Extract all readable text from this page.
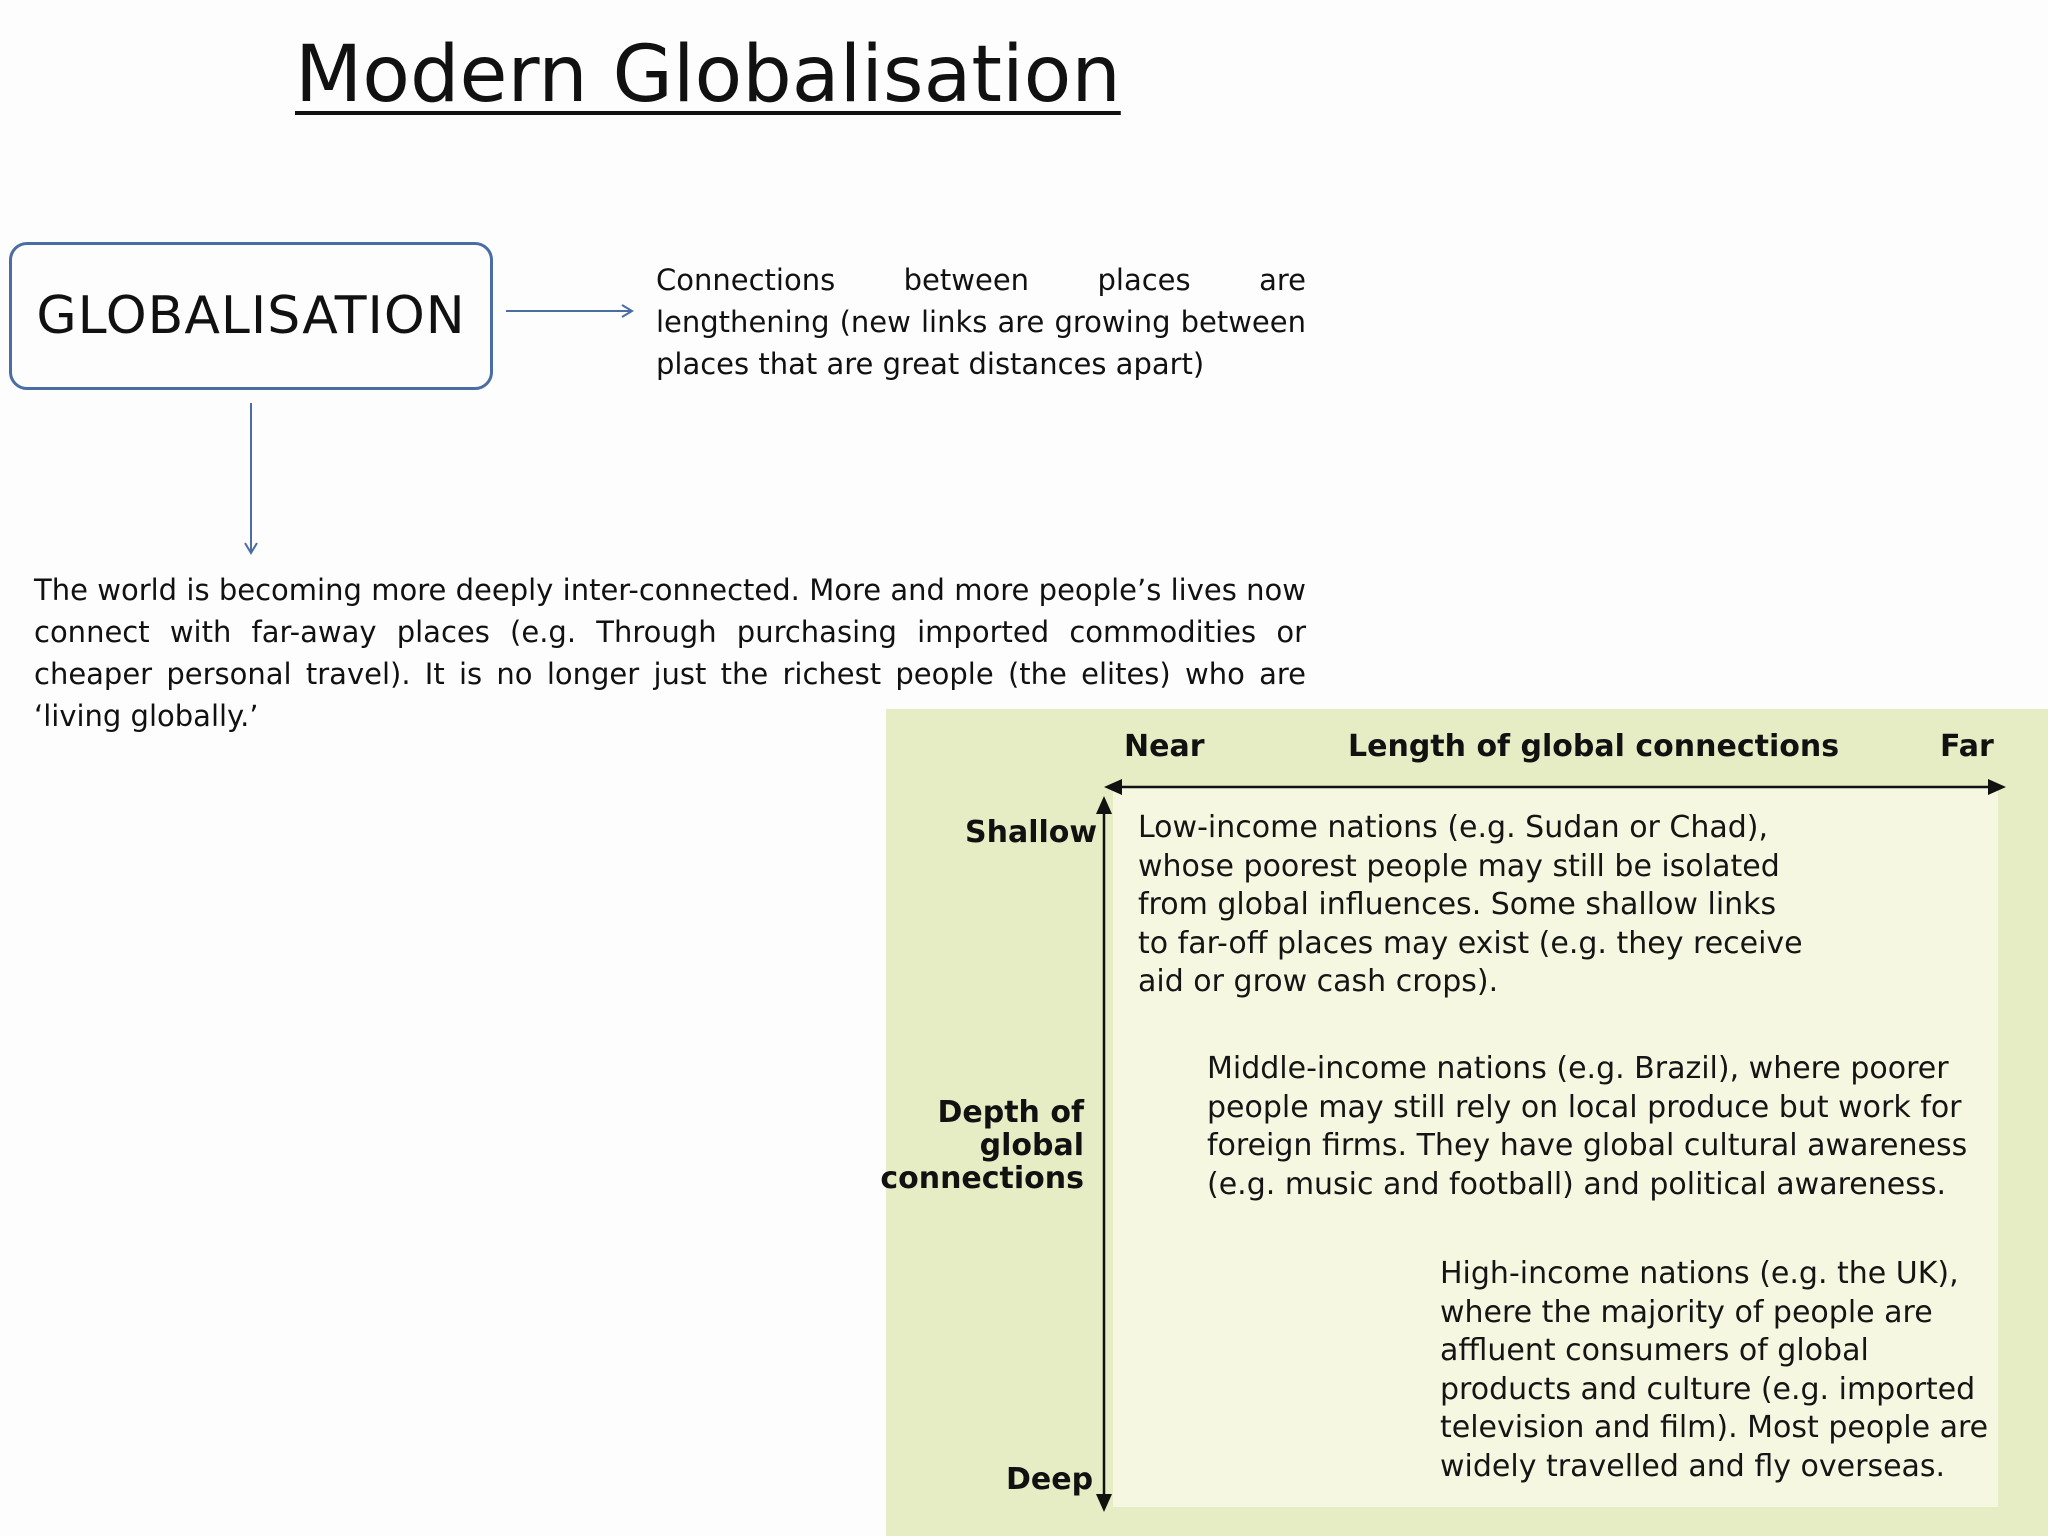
Modern Globalisation
GLOBALISATION
Connections between places are lengthening (new links are growing between places that are great distances apart)
The world is becoming more deeply inter-connected. More and more people’s lives now connect with far-away places (e.g. Through purchasing imported commodities or cheaper personal travel). It is no longer just the richest people (the elites) who are ‘living globally.’
Near	Length of global connections	Far
Shallow
Depth of
global
connections
Deep
Low-income nations (e.g. Sudan or Chad),
whose poorest people may still be isolated
from global influences. Some shallow links
to far-off places may exist (e.g. they receive
aid or grow cash crops).
Middle-income nations (e.g. Brazil), where poorer
people may still rely on local produce but work for
foreign firms. They have global cultural awareness
(e.g. music and football) and political awareness.
High-income nations (e.g. the UK),
where the majority of people are
affluent consumers of global
products and culture (e.g. imported
television and film). Most people are
widely travelled and fly overseas.
